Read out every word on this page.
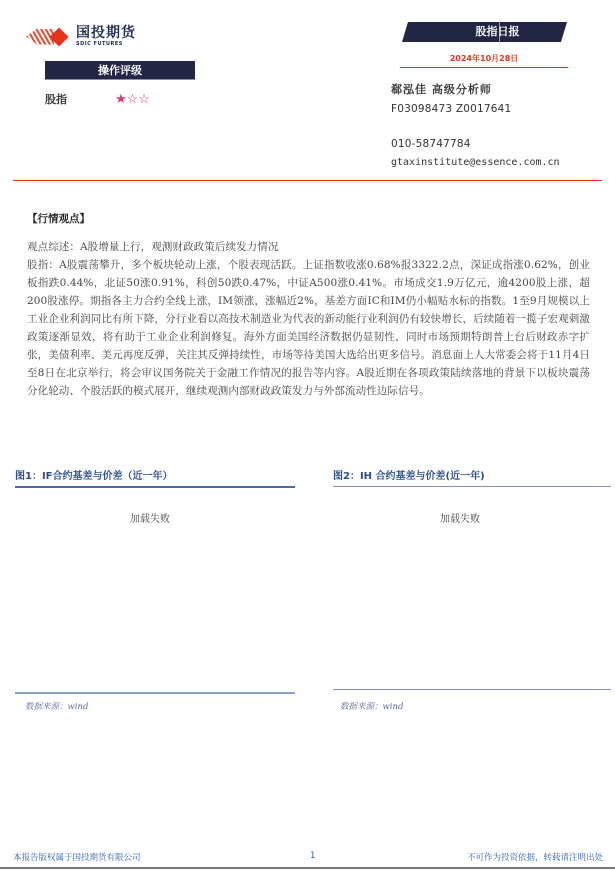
国投期货
SDIC FUTURES
操作评级
股指	★☆☆
股指日报
2024年10月28日
郗泓佳 高级分析师
F03098473 Z0017641
010-58747784
gtaxinstitute@essence.com.cn
【行情观点】

观点综述：A股增量上行，观测财政政策后续发力情况

股指：A股震荡攀升，多个板块轮动上涨，个股表现活跃。上证指数收涨0.68%报3322.2点，深证成指涨0.62%，创业板指跌0.44%，北证50涨0.91%，科创50跌0.47%，中证A500涨0.41%。市场成交1.9万亿元，逾4200股上涨，超200股涨停。期指各主力合约全线上涨，IM领涨，涨幅近2%，基差方面IC和IM仍小幅贴水标的指数。1至9月规模以上工业企业利润同比有所下降，分行业看以高技术制造业为代表的新动能行业利润仍有较快增长，后续随着一揽子宏观刺激政策逐渐显效，将有助于工业企业利润修复。海外方面美国经济数据仍显韧性，同时市场预期特朗普上台后财政赤字扩张，美债利率、美元再度反弹，关注其反弹持续性，市场等待美国大选给出更多信号。消息面上人大常委会将于11月4日至8日在北京举行，将会审议国务院关于金融工作情况的报告等内容。A股近期在各项政策陆续落地的背景下以板块震荡分化轮动、个股活跃的模式展开，继续观测内部财政政策发力与外部流动性边际信号。

图1：IF合约基差与价差（近一年）
加载失败
数据来源：wind
图2：IH 合约基差与价差(近一年)
加载失败
数据来源：wind
本报告版权属于国投期货有限公司	1	不可作为投资依据，转载请注明出处
